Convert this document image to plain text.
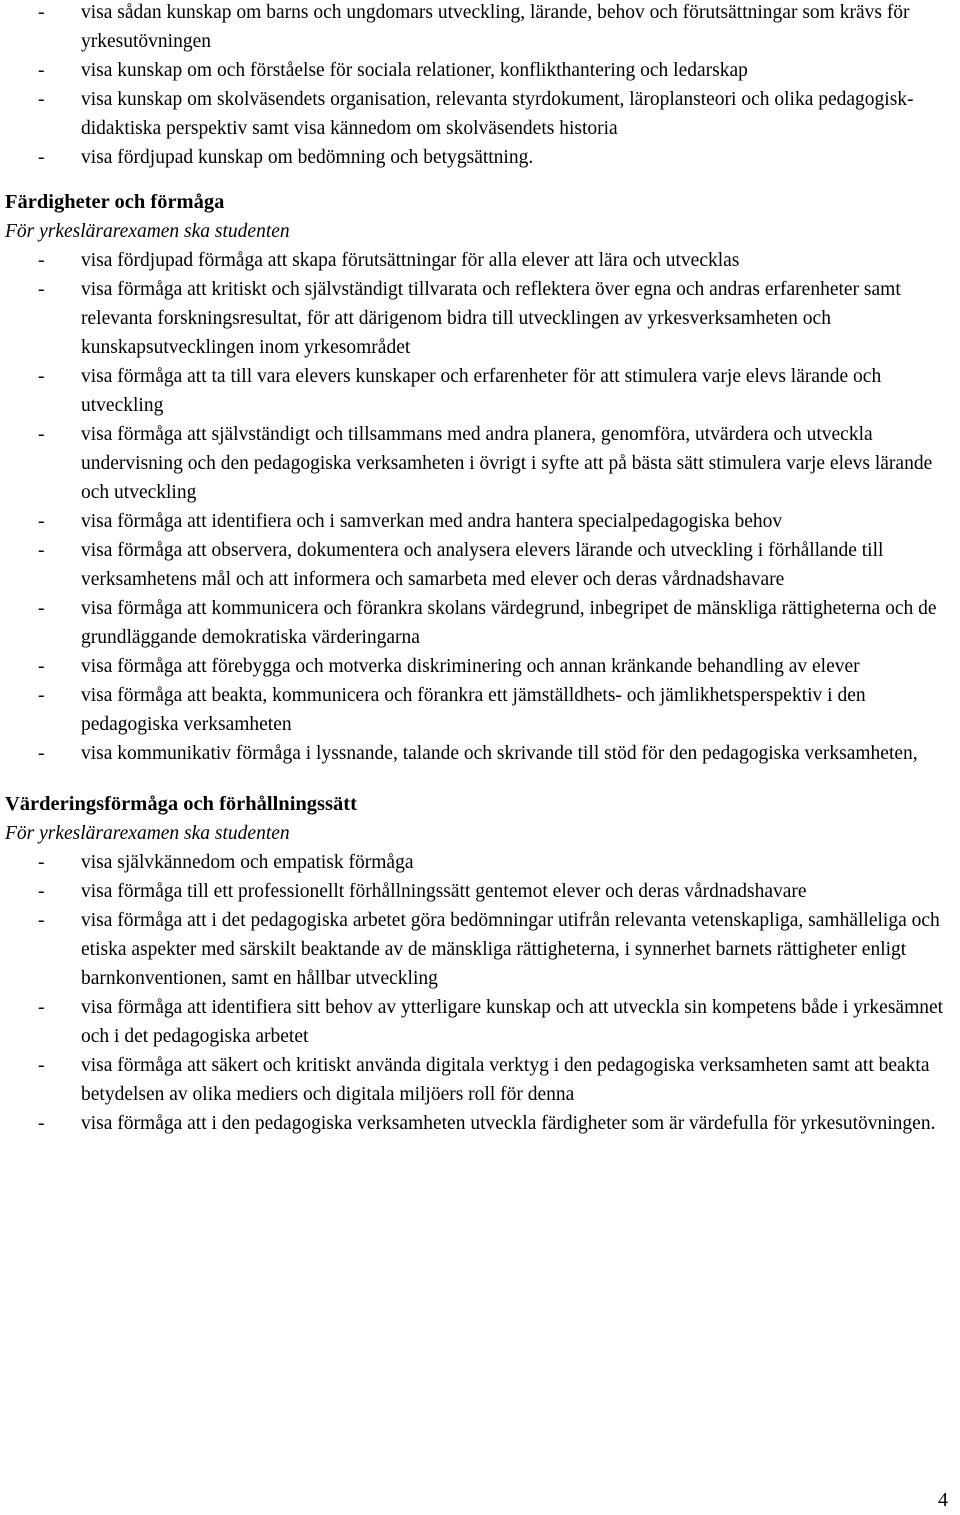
- visa sådan kunskap om barns och ungdomars utveckling, lärande, behov och förutsättningar som krävs för yrkesutövningen
- visa kunskap om och förståelse för sociala relationer, konflikthantering och ledarskap
- visa kunskap om skolväsendets organisation, relevanta styrdokument, läroplansteori och olika pedagogisk-didaktiska perspektiv samt visa kännedom om skolväsendets historia
- visa fördjupad kunskap om bedömning och betygsättning.

Färdigheter och förmåga

För yrkeslärarexamen ska studenten

- visa fördjupad förmåga att skapa förutsättningar för alla elever att lära och utvecklas
- visa förmåga att kritiskt och självständigt tillvarata och reflektera över egna och andras erfarenheter samt relevanta forskningsresultat, för att därigenom bidra till utvecklingen av yrkesverksamheten och kunskapsutvecklingen inom yrkesområdet
- visa förmåga att ta till vara elevers kunskaper och erfarenheter för att stimulera varje elevs lärande och utveckling
- visa förmåga att självständigt och tillsammans med andra planera, genomföra, utvärdera och utveckla undervisning och den pedagogiska verksamheten i övrigt i syfte att på bästa sätt stimulera varje elevs lärande och utveckling
- visa förmåga att identifiera och i samverkan med andra hantera specialpedagogiska behov
- visa förmåga att observera, dokumentera och analysera elevers lärande och utveckling i förhållande till verksamhetens mål och att informera och samarbeta med elever och deras vårdnadshavare
- visa förmåga att kommunicera och förankra skolans värdegrund, inbegripet de mänskliga rättigheterna och de grundläggande demokratiska värderingarna
- visa förmåga att förebygga och motverka diskriminering och annan kränkande behandling av elever
- visa förmåga att beakta, kommunicera och förankra ett jämställdhets- och jämlikhetsperspektiv i den pedagogiska verksamheten
- visa kommunikativ förmåga i lyssnande, talande och skrivande till stöd för den pedagogiska verksamheten,

Värderingsförmåga och förhållningssätt

För yrkeslärarexamen ska studenten

- visa självkännedom och empatisk förmåga
- visa förmåga till ett professionellt förhållningssätt gentemot elever och deras vårdnadshavare
- visa förmåga att i det pedagogiska arbetet göra bedömningar utifrån relevanta vetenskapliga, samhälleliga och etiska aspekter med särskilt beaktande av de mänskliga rättigheterna, i synnerhet barnets rättigheter enligt barnkonventionen, samt en hållbar utveckling
- visa förmåga att identifiera sitt behov av ytterligare kunskap och att utveckla sin kompetens både i yrkesämnet och i det pedagogiska arbetet
- visa förmåga att säkert och kritiskt använda digitala verktyg i den pedagogiska verksamheten samt att beakta betydelsen av olika mediers och digitala miljöers roll för denna
- visa förmåga att i den pedagogiska verksamheten utveckla färdigheter som är värdefulla för yrkesutövningen.
4
